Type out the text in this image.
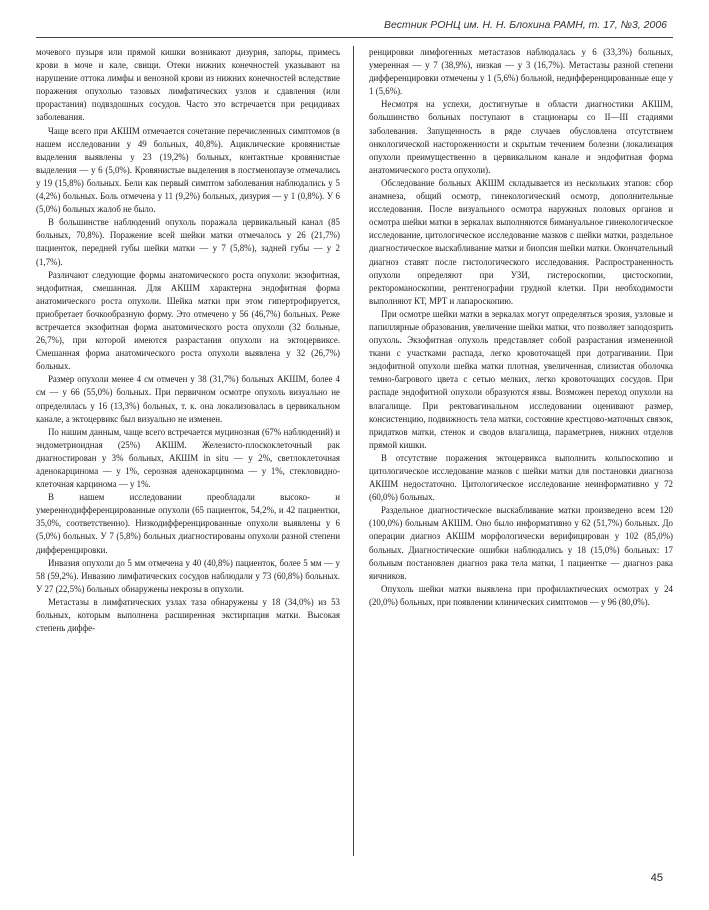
Вестник РОНЦ им. Н. Н. Блохина РАМН, т. 17, №3, 2006

мочевого пузыря или прямой кишки возникают дизурия, запоры, примесь крови в моче и кале, свищи. Отеки нижних конечностей указывают на нарушение оттока лимфы и венозной крови из нижних конечностей вследствие поражения опухолью тазовых лимфатических узлов и сдавления (или прорастания) подвздошных сосудов. Часто это встречается при рецидивах заболевания.

Чаще всего при АКШМ отмечается сочетание перечисленных симптомов (в нашем исследовании у 49 больных, 40,8%). Ациклические кровянистые выделения выявлены у 23 (19,2%) больных, контактные кровянистые выделения — у 6 (5,0%). Кровянистые выделения в постменопаузе отмечались у 19 (15,8%) больных. Бели как первый симптом заболевания наблюдались у 5 (4,2%) больных. Боль отмечена у 11 (9,2%) больных, дизурия — у 1 (0,8%). У 6 (5,0%) больных жалоб не было.

В большинстве наблюдений опухоль поражала цервикальный канал (85 больных, 70,8%). Поражение всей шейки матки отмечалось у 26 (21,7%) пациенток, передней губы шейки матки — у 7 (5,8%), задней губы — у 2 (1,7%).

Различают следующие формы анатомического роста опухоли: экзофитная, эндофитная, смешанная. Для АКШМ характерна эндофитная форма анатомического роста опухоли. Шейка матки при этом гипертрофируется, приобретает бочкообразную форму. Это отмечено у 56 (46,7%) больных. Реже встречается экзофитная форма анатомического роста опухоли (32 больные, 26,7%), при которой имеются разрастания опухоли на эктоцервиксе. Смешанная форма анатомического роста опухоли выявлена у 32 (26,7%) больных.

Размер опухоли менее 4 см отмечен у 38 (31,7%) больных АКШМ, более 4 см — у 66 (55,0%) больных. При первичном осмотре опухоль визуально не определялась у 16 (13,3%) больных, т. к. она локализовалась в цервикальном канале, а эктоцервикс был визуально не изменен.

По нашим данным, чаще всего встречается муцинозная (67% наблюдений) и эндометриоидная (25%) АКШМ. Железисто-плоскоклеточный рак диагностирован у 3% больных, АКШМ in situ — у 2%, светлоклеточная аденокарцинома — у 1%, серозная аденокарцинома — у 1%, стекловидно-клеточная карцинома — у 1%.

В нашем исследовании преобладали высоко- и умереннодифференцированные опухоли (65 пациенток, 54,2%, и 42 пациентки, 35,0%, соответственно). Низкодифференцированные опухоли выявлены у 6 (5,0%) больных. У 7 (5,8%) больных диагностированы опухоли разной степени дифференцировки.

Инвазия опухоли до 5 мм отмечена у 40 (40,8%) пациенток, более 5 мм — у 58 (59,2%). Инвазию лимфатических сосудов наблюдали у 73 (60,8%) больных. У 27 (22,5%) больных обнаружены некрозы в опухоли.

Метастазы в лимфатических узлах таза обнаружены у 18 (34,0%) из 53 больных, которым выполнена расширенная экстирпация матки. Высокая степень диффе-

ренцировки лимфогенных метастазов наблюдалась у 6 (33,3%) больных, умеренная — у 7 (38,9%), низкая — у 3 (16,7%). Метастазы разной степени дифференцировки отмечены у 1 (5,6%) больной, недифференцированные еще у 1 (5,6%).

Несмотря на успехи, достигнутые в области диагностики АКШМ, большинство больных поступают в стационары со II—III стадиями заболевания. Запущенность в ряде случаев обусловлена отсутствием онкологической настороженности и скрытым течением болезни (локализация опухоли преимущественно в цервикальном канале и эндофитная форма анатомического роста опухоли).

Обследование больных АКШМ складывается из нескольких этапов: сбор анамнеза, общий осмотр, гинекологический осмотр, дополнительные исследования. После визуального осмотра наружных половых органов и осмотра шейки матки в зеркалах выполняются бимануальное гинекологическое исследование, цитологическое исследование мазков с шейки матки, раздельное диагностическое выскабливание матки и биопсия шейки матки. Окончательный диагноз ставят после гистологического исследования. Распространенность опухоли определяют при УЗИ, гистероскопии, цистоскопии, ректороманоскопии, рентгенографии грудной клетки. При необходимости выполняют КТ, МРТ и лапароскопию.

При осмотре шейки матки в зеркалах могут определяться эрозия, узловые и папиллярные образования, увеличение шейки матки, что позволяет заподозрить опухоль. Экзофитная опухоль представляет собой разрастания измененной ткани с участками распада, легко кровоточащей при дотрагивании. При эндофитной опухоли шейка матки плотная, увеличенная, слизистая оболочка темно-багрового цвета с сетью мелких, легко кровоточащих сосудов. При распаде эндофитной опухоли образуются язвы. Возможен переход опухоли на влагалище. При ректовагинальном исследовании оценивают размер, консистенцию, подвижность тела матки, состояние крестцово-маточных связок, придатков матки, стенок и сводов влагалища, параметриев, нижних отделов прямой кишки.

В отсутствие поражения эктоцервикса выполнить кольпоскопию и цитологическое исследование мазков с шейки матки для постановки диагноза АКШМ недостаточно. Цитологическое исследование неинформативно у 72 (60,0%) больных.

Раздельное диагностическое выскабливание матки произведено всем 120 (100,0%) больным АКШМ. Оно было информативно у 62 (51,7%) больных. До операции диагноз АКШМ морфологически верифицирован у 102 (85,0%) больных. Диагностические ошибки наблюдались у 18 (15,0%) больных: 17 больным постановлен диагноз рака тела матки, 1 пациентке — диагноз рака яичников.

Опухоль шейки матки выявлена при профилактических осмотрах у 24 (20,0%) больных, при появлении клинических симптомов — у 96 (80,0%).

45
